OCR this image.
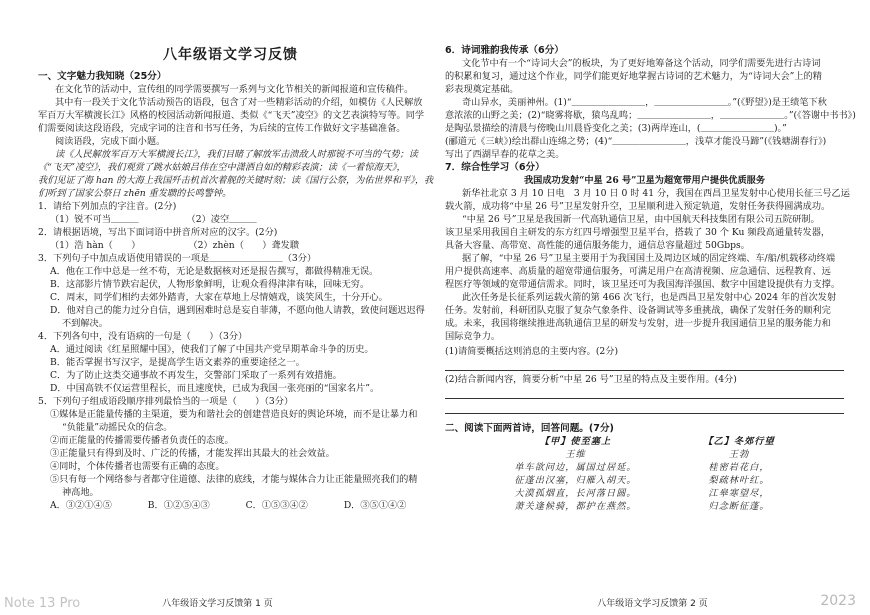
八年级语文学习反馈
一、文字魅力我知晓（25分）
在文化节的活动中，宣传组的同学需要撰写一系列与文化节相关的新闻报道和宣传稿件。
其中有一段关于文化节活动预告的语段，包含了对一些精彩活动的介绍，如模仿《人民解放
军百万大军横渡长江》风格的校园活动新闻报道、类似《“飞天”凌空》的文艺表演特写等。同学
们需要阅读这段语段，完成字词的注音和书写任务，为后续的宣传工作做好文字基础准备。
阅读语段，完成下面小题。
读《人民解放军百万大军横渡长江》，我们目睹了解放军击溃敌人时那锐不可当的气势；读
《“飞天”凌空》，我们观赏了跳水姑娘吕伟在空中潇洒自如的精彩表演；读《一着惊海天》，
我们见证了海 han 的大海上我国歼击机首次着舰的关键时刻；读《国行公祭，为佑世界和平》，我
们听到了国家公祭日 zhēn 重发聩的长鸣警钟。
1．请给下列加点的字注音。(2分)
（1）锐不可当＿＿＿	（2）凌空＿＿＿
2．请根据语境，写出下面词语中拼音所对应的汉字。(2分)
（1）浩 hàn（　　）	（2）zhèn（　　）聋发聩
3．下列句子中加点成语使用错误的一项是＿＿＿＿＿＿＿＿（3分）
A．他在工作中总是一丝不苟，无论是数据核对还是报告撰写，都做得精准无误。
B．这部影片情节跌宕起伏，人物形象鲜明，让观众看得津津有味，回味无穷。
C．周末，同学们相约去郊外踏青，大家在草地上尽情嬉戏，谈笑风生，十分开心。
D．他对自己的能力过分自信，遇到困难时总是妄自菲薄，不愿向他人请教，致使问题迟迟得
不到解决。
4．下列各句中，没有语病的一句是（　　）（3分）
A．通过阅读《红星照耀中国》，使我们了解了中国共产党早期革命斗争的历史。
B．能否掌握书写汉字，是提高学生语文素养的重要途径之一。
C．为了防止这类交通事故不再发生，交警部门采取了一系列有效措施。
D．中国高铁不仅运营里程长，而且速度快，已成为我国一张亮丽的“国家名片”。
5．下列句子组成语段顺序排列最恰当的一项是（　　）（3分）
①媒体是正能量传播的主渠道，要为和谐社会的创建营造良好的舆论环境，而不是让暴力和
“负能量”动摇民众的信念。
②而正能量的传播需要传播者负责任的态度。
③正能量只有得到及时、广泛的传播，才能发挥出其最大的社会效益。
④同时，个体传播者也需要有正确的态度。
⑤只有每一个网络参与者都守住道德、法律的底线，才能与媒体合力让正能量照亮我们的精
神高地。
A．③②①④⑤	B．①②⑤④③	C．①⑤③④②	D．③⑤①④②
八年级语文学习反馈第 1 页
Note 13 Pro
6．诗词雅韵我传承（6分）
文化节中有一个“诗词大会”的板块，为了更好地筹备这个活动，同学们需要先进行古诗词
的积累和复习，通过这个作业，同学们能更好地掌握古诗词的艺术魅力，为“诗词大会”上的精
彩表现奠定基础。
奇山异水，美丽神州。(1)“＿＿＿＿＿＿＿＿，＿＿＿＿＿＿＿＿。”(《野望》)是王绩笔下秋
意浓浓的山野之美；(2)“晓雾将歇，猿鸟乱鸣；＿＿＿＿＿＿＿＿，＿＿＿＿＿＿＿。”(《答谢中书书》)
是陶弘景描绘的清晨与傍晚山川晨昏变化之美；(3)两岸连山，(＿＿＿＿＿＿＿＿)。”
(郦道元《三峡》)绘出群山连绵之势；(4)“＿＿＿＿＿＿＿＿，浅草才能没马蹄”(《钱塘湖春行》)
写出了西湖早春的花草之美。
7．综合性学习（6分）
我国成功发射“中星 26 号”卫星为超宽带用户提供优质服务
新华社北京 3 月 10 日电　3 月 10 日 0 时 41 分，我国在西昌卫星发射中心使用长征三号乙运
载火箭，成功将“中星 26 号”卫星发射升空，卫星顺利进入预定轨道，发射任务获得圆满成功。
“中星 26 号”卫星是我国新一代高轨通信卫星，由中国航天科技集团有限公司五院研制。
该卫星采用我国自主研发的东方红四号增强型卫星平台，搭载了 30 个 Ku 频段高通量转发器，
具备大容量、高带宽、高性能的通信服务能力，通信总容量超过 50Gbps。
据了解，“中星 26 号”卫星主要用于为我国国土及周边区域的固定终端、车/船/机载移动终端
用户提供高速率、高质量的超宽带通信服务，可满足用户在高清视频、应急通信、远程教育、远
程医疗等领域的宽带通信需求。同时，该卫星还可为我国海洋强国、数字中国建设提供有力支撑。
此次任务是长征系列运载火箭的第 466 次飞行，也是西昌卫星发射中心 2024 年的首次发射
任务。发射前，科研团队克服了复杂气象条件、设备调试等多重挑战，确保了发射任务的顺利完
成。未来，我国将继续推进高轨通信卫星的研发与发射，进一步提升我国通信卫星的服务能力和
国际竞争力。
(1)请简要概括这则消息的主要内容。(2分)
(2)结合新闻内容，简要分析“中星 26 号”卫星的特点及主要作用。(4分)
二、阅读下面两首诗，回答问题。(7分)
【甲】使至塞上
王维
单车欲问边，属国过居延。
征蓬出汉塞，归雁入胡天。
大漠孤烟直，长河落日圆。
萧关逢候骑，都护在燕然。
【乙】冬郊行望
王勃
桂密岩花白，
梨疏林叶红。
江皋寒望尽，
归念断征蓬。
八年级语文学习反馈第 2 页	2023
